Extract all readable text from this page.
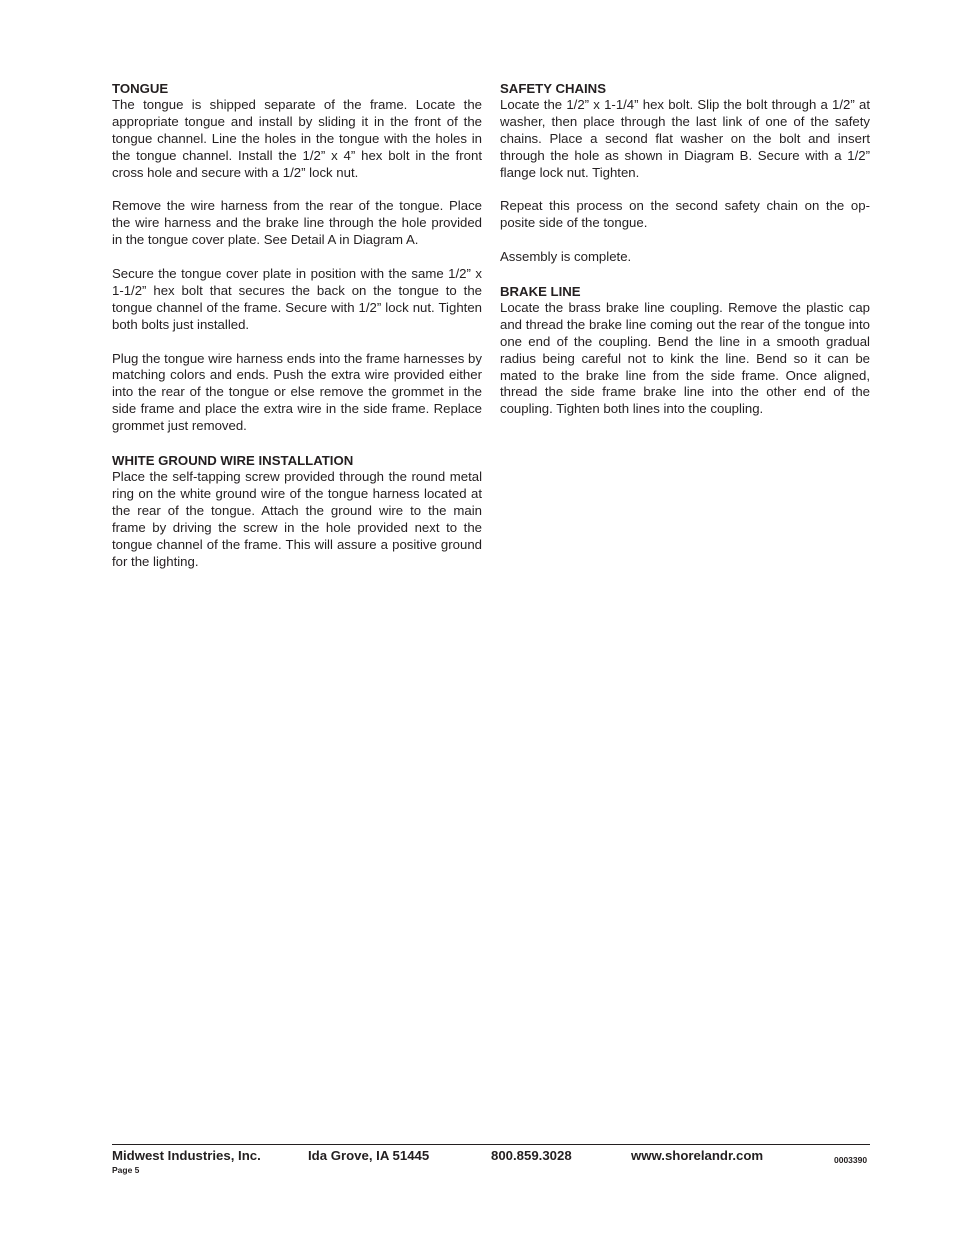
TONGUE

The tongue is shipped separate of the frame. Locate the appropriate tongue and install by sliding it in the front of the tongue channel. Line the holes in the tongue with the holes in the tongue channel. Install the 1/2” x 4” hex bolt in the front cross hole and secure with a 1/2” lock nut.

Remove the wire harness from the rear of the tongue. Place the wire harness and the brake line through the hole provided in the tongue cover plate. See Detail A in Diagram A.

Secure the tongue cover plate in position with the same 1/2” x 1-1/2” hex bolt that secures the back on the tongue to the tongue channel of the frame. Secure with 1/2” lock nut. Tighten both bolts just installed.

Plug the tongue wire harness ends into the frame harnesses by matching colors and ends. Push the extra wire provided either into the rear of the tongue or else remove the grommet in the side frame and place the extra wire in the side frame. Replace grommet just removed.

WHITE GROUND WIRE INSTALLATION

Place the self-tapping screw provided through the round metal ring on the white ground wire of the tongue harness located at the rear of the tongue. Attach the ground wire to the main frame by driving the screw in the hole provided next to the tongue channel of the frame. This will assure a positive ground for the lighting.

SAFETY CHAINS

Locate the 1/2” x 1-1/4” hex bolt. Slip the bolt through a 1/2” at washer, then place through the last link of one of the safety chains. Place a second flat washer on the bolt and insert through the hole as shown in Diagram B. Secure with a 1/2” flange lock nut. Tighten.

Repeat this process on the second safety chain on the opposite side of the tongue.

Assembly is complete.

BRAKE LINE

Locate the brass brake line coupling. Remove the plastic cap and thread the brake line coming out the rear of the tongue into one end of the coupling. Bend the line in a smooth gradual radius being careful not to kink the line. Bend so it can be mated to the brake line from the side frame. Once aligned, thread the side frame brake line into the other end of the coupling. Tighten both lines into the coupling.

Midwest Industries, Inc.	Ida Grove, IA 51445	800.859.3028	www.shorelandr.com	0003390
Page 5
